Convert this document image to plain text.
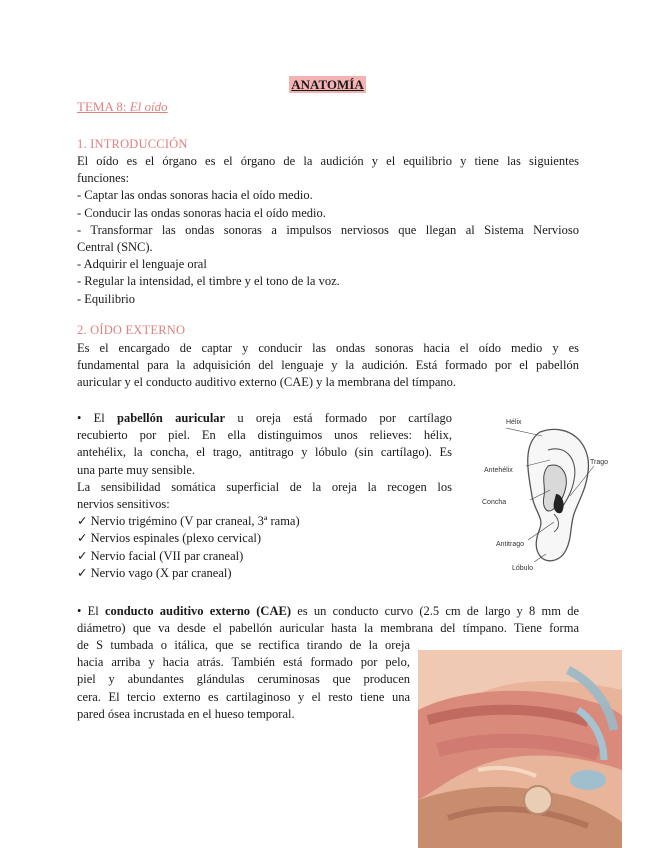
ANATOMÍA
TEMA 8: El oído
1. INTRODUCCIÓN
El oído es el órgano es el órgano de la audición y el equilibrio y tiene las siguientes
funciones:
- Captar las ondas sonoras hacia el oído medio.
- Conducir las ondas sonoras hacia el oído medio.
- Transformar las ondas sonoras a impulsos nerviosos que llegan al Sistema Nervioso
Central (SNC).
- Adquirir el lenguaje oral
- Regular la intensidad, el timbre y el tono de la voz.
- Equilibrio
2. OÍDO EXTERNO
Es el encargado de captar y conducir las ondas sonoras hacia el oído medio y es
fundamental para la adquisición del lenguaje y la audición. Está formado por el pabellón
auricular y el conducto auditivo externo (CAE) y la membrana del tímpano.
• El pabellón auricular u oreja está formado por cartílago
recubierto por piel. En ella distinguimos unos relieves: hélix,
antehélix, la concha, el trago, antitrago y lóbulo (sin cartílago). Es
una parte muy sensible.
La sensibilidad somática superficial de la oreja la recogen los
nervios sensitivos:
✓ Nervio trigémino (V par craneal, 3ª rama)
✓ Nervios espinales (plexo cervical)
✓ Nervio facial (VII par craneal)
✓ Nervio vago (X par craneal)
Hélix
Trago
Antehélix
Concha
Antitrago
Lóbulo
• El conducto auditivo externo (CAE) es un conducto curvo (2.5 cm de largo y 8 mm de
diámetro) que va desde el pabellón auricular hasta la membrana del tímpano. Tiene forma
de S tumbada o itálica, que se rectifica tirando de la oreja
hacia arriba y hacia atrás. También está formado por pelo,
piel y abundantes glándulas ceruminosas que producen
cera. El tercio externo es cartilaginoso y el resto tiene una
pared ósea incrustada en el hueso temporal.
